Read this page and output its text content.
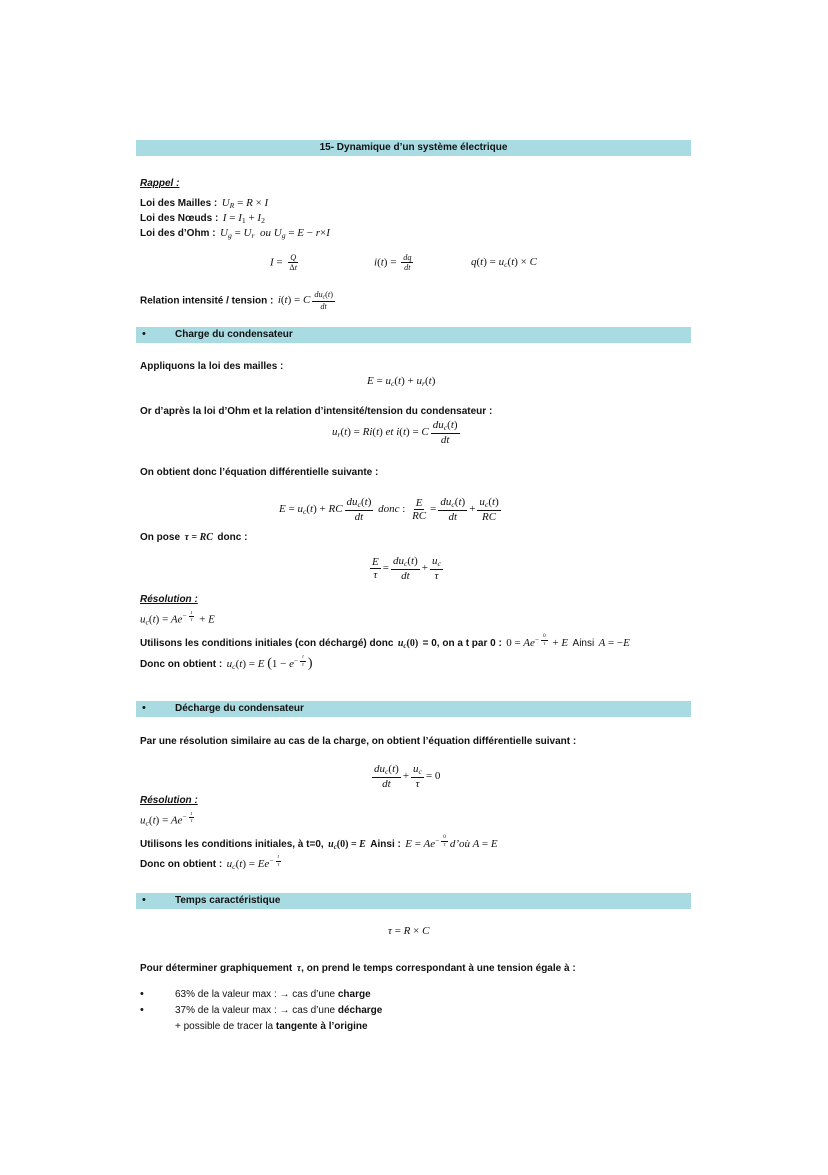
15- Dynamique d’un système électrique
Rappel :
Loi des Mailles : $U_R = R \times I$
Loi des Nœuds : $I = I_1 + I_2$
Loi des d’Ohm : $U_g = U_r$  ou $U_g = E - r\times I$
$I = \frac{Q}{\Delta t}$	$i(t) = \frac{dq}{dt}$	$q(t) = u_c(t) \times C$
Relation intensité / tension : i(t) = C $\frac{du_c(t)}{dt}$
•	Charge du condensateur
Appliquons la loi des mailles :
$E = u_c(t) + u_r(t)$
Or d’après la loi d’Ohm et la relation d’intensité/tension du condensateur :
$u_r(t) = Ri(t)$ et i(t) = C $\frac{du_c(t)}{dt}$
On obtient donc l’équation différentielle suivante :
$E = u_c(t)$ + RC $\frac{du_c(t)}{dt}$ donc : $\frac{E}{RC} = \frac{du_c(t)}{dt} + \frac{u_c(t)}{RC}$
On pose τ = RC donc :
$\frac{E}{\tau} = \frac{du_c(t)}{dt} + \frac{u_c}{\tau}$
Résolution :
$u_c(t) = Ae^{- \frac{t}{\tau}} + E$
Utilisons les conditions initiales (con déchargé) donc $u_c(0) = 0$, on a t par 0 : $0 = Ae^{- \frac{0}{\tau}} + E$ Ainsi A = −E
Donc on obtient : $u_c(t) = E$ ($1 - e^{- \frac{t}{\tau}}$ )
•	Décharge du condensateur
Par une résolution similaire au cas de la charge, on obtient l’équation différentielle suivant :
$\frac{du_c(t)}{dt} + \frac{u_c}{\tau} = 0$
Résolution :
$u_c(t) = Ae^{- \frac{t}{\tau}}$
Utilisons les conditions initiales, à t=0, $u_c(0) = E$ Ainsi : $E = Ae^{- \frac{0}{\tau}}$ d’où A = E
Donc on obtient : $u_c(t) = Ee^{- \frac{t}{\tau}}$
•	Temps caractéristique
τ = R × C
Pour déterminer graphiquement τ, on prend le temps correspondant à une tension égale à :
•	63% de la valeur max : → cas d’une charge
•	37% de la valeur max : → cas d’une décharge
+ possible de tracer la tangente à l’origine
